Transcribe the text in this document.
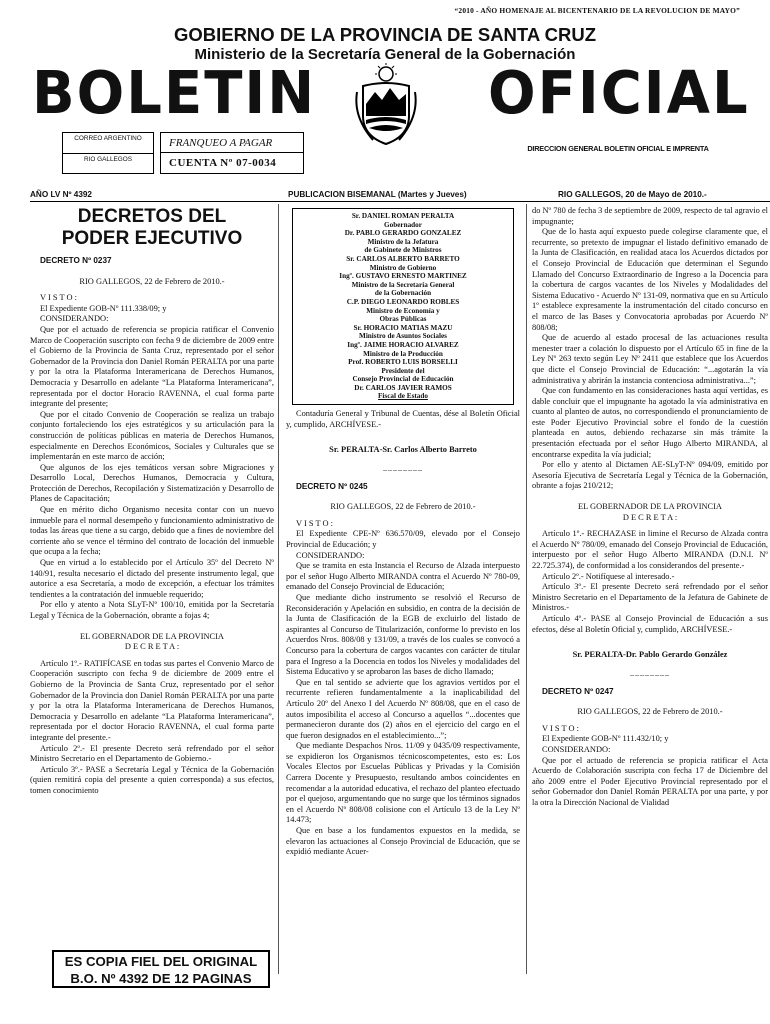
“2010 - AÑO HOMENAJE AL BICENTENARIO DE LA REVOLUCION DE MAYO”
GOBIERNO DE LA PROVINCIA DE SANTA CRUZ
Ministerio de la Secretaría General de la Gobernación
BOLETIN	OFICIAL
CORREO ARGENTINO
RIO GALLEGOS
FRANQUEO A PAGAR
CUENTA Nº 07-0034
DIRECCION GENERAL BOLETIN OFICIAL E IMPRENTA
AÑO LV Nº 4392	PUBLICACION BISEMANAL (Martes y Jueves)	RIO GALLEGOS, 20 de Mayo de 2010.-
DECRETOS DEL
PODER EJECUTIVO
DECRETO Nº 0237

RIO GALLEGOS, 22 de Febrero de 2010.-

V I S T O :

El Expediente GOB-Nº 111.338/09; y

CONSIDERANDO:

Que por el actuado de referencia se propicia ratificar el Convenio Marco de Cooperación suscripto con fecha 9 de diciembre de 2009 entre el Gobierno de la Provincia de Santa Cruz, representado por el señor Gobernador de la Provincia don Daniel Román PERALTA por una parte y por la otra la Plataforma Interamericana de Derechos Humanos, Democracia y Desarrollo en adelante “La Plataforma Interamericana”, representada por el doctor Horacio RAVENNA, el cual forma parte integrante del presente;

Que por el citado Convenio de Cooperación se realiza un trabajo conjunto fortaleciendo los ejes estratégicos y su articulación para la construcción de políticas públicas en materia de Derechos Humanos, especialmente en Derechos Económicos, Sociales y Culturales que se implementarán en este marco de acción;

Que algunos de los ejes temáticos versan sobre Migraciones y Desarrollo Local, Derechos Humanos, Democracia y Cultura, Protección de Derechos, Recopilación y Sistematización y Desarrollo de Planes de Capacitación;

Que en mérito dicho Organismo necesita contar con un nuevo inmueble para el normal desempeño y funcionamiento administrativo de todas las áreas que tiene a su cargo, debido que a fines de noviembre del corriente año se vence el término del contrato de locación del inmueble que ocupa a la fecha;

Que en virtud a lo establecido por el Artículo 35º del Decreto Nº 140/91, resulta necesario el dictado del presente instrumento legal, que autorice a esa Secretaría, a modo de excepción, a efectuar los trámites tendientes a la contratación del inmueble requerido;

Por ello y atento a Nota SLyT-Nº 100/10, emitida por la Secretaría Legal y Técnica de la Gobernación, obrante a fojas 4;

EL GOBERNADOR DE LA PROVINCIA

D E C R E T A :

Artículo 1º.- RATIFÍCASE en todas sus partes el Convenio Marco de Cooperación suscripto con fecha 9 de diciembre de 2009 entre el Gobierno de la Provincia de Santa Cruz, representado por el señor Gobernador de la Provincia don Daniel Román PERALTA por una parte y por la otra la Plataforma Interamericana de Derechos Humanos, Democracia y Desarrollo en adelante “La Plataforma Interamericana”, representada por el doctor Horacio RAVENNA, el cual forma parte integrante del presente.-

Artículo 2º.- El presente Decreto será refrendado por el señor Ministro Secretario en el Departamento de Gobierno.-

Artículo 3º.- PASE a Secretaría Legal y Técnica de la Gobernación (quien remitirá copia del presente a quien corresponda) a sus efectos, tomen conocimiento

Sr. DANIEL ROMAN PERALTA
Gobernador
Dr. PABLO GERARDO GONZALEZ
Ministro de la Jefatura
de Gabinete de Ministros
Sr. CARLOS ALBERTO BARRETO
Ministro de Gobierno
Ingº. GUSTAVO ERNESTO MARTINEZ
Ministro de la Secretaría General
de la Gobernación
C.P. DIEGO LEONARDO ROBLES
Ministro de Economía y
Obras Públicas
Sr. HORACIO MATIAS MAZU
Ministro de Asuntos Sociales
Ingº. JAIME HORACIO ALVAREZ
Ministro de la Producción
Prof. ROBERTO LUIS BORSELLI
Presidente del
Consejo Provincial de Educación
Dr. CARLOS JAVIER RAMOS
Fiscal de Estado

Contaduría General y Tribunal de Cuentas, dése al Boletín Oficial y, cumplido, ARCHÍVESE.-

Sr. PERALTA-Sr. Carlos Alberto Barreto

________
DECRETO Nº 0245

RIO GALLEGOS, 22 de Febrero de 2010.-

V I S T O :

El Expediente CPE-Nº 636.570/09, elevado por el Consejo Provincial de Educación; y

CONSIDERANDO:

Que se tramita en esta Instancia el Recurso de Alzada interpuesto por el señor Hugo Alberto MIRANDA contra el Acuerdo Nº 780-09, emanado del Consejo Provincial de Educación;

Que mediante dicho instrumento se resolvió el Recurso de Reconsideración y Apelación en subsidio, en contra de la decisión de la Junta de Clasificación de la EGB de excluirlo del listado de aspirantes al Concurso de Titularización, conforme lo previsto en los Acuerdos Nros. 808/08 y 131/09, a través de los cuales se convocó a Concurso para la cobertura de cargos vacantes con carácter de titular para el Ingreso a la Docencia en todos los Niveles y modalidades del Sistema Educativo y se aprobaron las bases de dicho llamado;

Que en tal sentido se advierte que los agravios vertidos por el recurrente refieren fundamentalmente a la inaplicabilidad del Artículo 20º del Anexo I del Acuerdo Nº 808/08, que en el caso de autos imposibilita el acceso al Concurso a aquellos “...docentes que permanecieron durante dos (2) años en el ejercicio del cargo en el que fueron designados en el establecimiento...”;

Que mediante Despachos Nros. 11/09 y 0435/09 respectivamente, se expidieron los Organismos técnicoscompetentes, esto es: Los Vocales Electos por Escuelas Públicas y Privadas y la Comisión Carrera Docente y Presupuesto, resultando ambos coincidentes en recomendar a la autoridad educativa, el rechazo del planteo efectuado por el quejoso, argumentando que no surge que los términos signados en el Acuerdo Nº 808/08 colisione con el Artículo 13 de la Ley Nº 14.473;

Que en base a los fundamentos expuestos en la medida, se elevaron las actuaciones al Consejo Provincial de Educación, que se expidió mediante Acuer-

do Nº 780 de fecha 3 de septiembre de 2009, respecto de tal agravio el impugnante;

Que de lo hasta aquí expuesto puede colegirse claramente que, el recurrente, so pretexto de impugnar el listado definitivo emanado de la Junta de Clasificación, en realidad ataca los Acuerdos dictados por el Consejo Provincial de Educación que determinan el Segundo Llamado del Concurso Extraordinario de Ingreso a la Docencia para la cobertura de cargos vacantes de los Niveles y Modalidades del Sistema Educativo - Acuerdo Nº 131-09, normativa que en su Artículo 1º establece expresamente la instrumentación del citado concurso en el marco de las Bases y Convocatoria aprobadas por Acuerdo Nº 808/08;

Que de acuerdo al estado procesal de las actuaciones resulta menester traer a colación lo dispuesto por el Artículo 65 in fine de la Ley Nº 263 texto según Ley Nº 2411 que establece que los Acuerdos que dicte el Consejo Provincial de Educación: “...agotarán la vía administrativa y abrirán la instancia contenciosa administrativa...”;

Que con fundamento en las consideraciones hasta aquí vertidas, es dable concluir que el impugnante ha agotado la vía administrativa en cuanto al planteo de autos, no correspondiendo el pronunciamiento de este Poder Ejecutivo Provincial sobre el fondo de la cuestión planteada en autos, debiendo rechazarse sin más trámite la presentación efectuada por el señor Hugo Alberto MIRANDA, al encontrarse expedita la vía judicial;

Por ello y atento al Dictamen AE-SLyT-Nº 094/09, emitido por Asesoría Ejecutiva de Secretaría Legal y Técnica de la Gobernación, obrante a fojas 210/212;

EL GOBERNADOR DE LA PROVINCIA

D E C R E T A :

Artículo 1º.- RECHAZASE in limine el Recurso de Alzada contra el Acuerdo Nº 780/09, emanado del Consejo Provincial de Educación, interpuesto por el señor Hugo Alberto MIRANDA (D.N.I. Nº 22.725.374), de conformidad a los considerandos del presente.-

Artículo 2º.- Notifíquese al interesado.-

Artículo 3º.- El presente Decreto será refrendado por el señor Ministro Secretario en el Departamento de la Jefatura de Gabinete de Ministros.-

Artículo 4º.- PASE al Consejo Provincial de Educación a sus efectos, dése al Boletín Oficial y, cumplido, ARCHÍVESE.-

Sr. PERALTA-Dr. Pablo Gerardo González

________
DECRETO Nº 0247

RIO GALLEGOS, 22 de Febrero de 2010.-

V I S T O :

El Expediente GOB-Nº 111.432/10; y

CONSIDERANDO:

Que por el actuado de referencia se propicia ratificar el Acta Acuerdo de Colaboración suscripta con fecha 17 de Diciembre del año 2009 entre el Poder Ejecutivo Provincial representado por el señor Gobernador don Daniel Román PERALTA por una parte, y por la otra la Dirección Nacional de Vialidad

ES COPIA FIEL DEL ORIGINAL
B.O. Nº 4392 DE 12 PAGINAS
